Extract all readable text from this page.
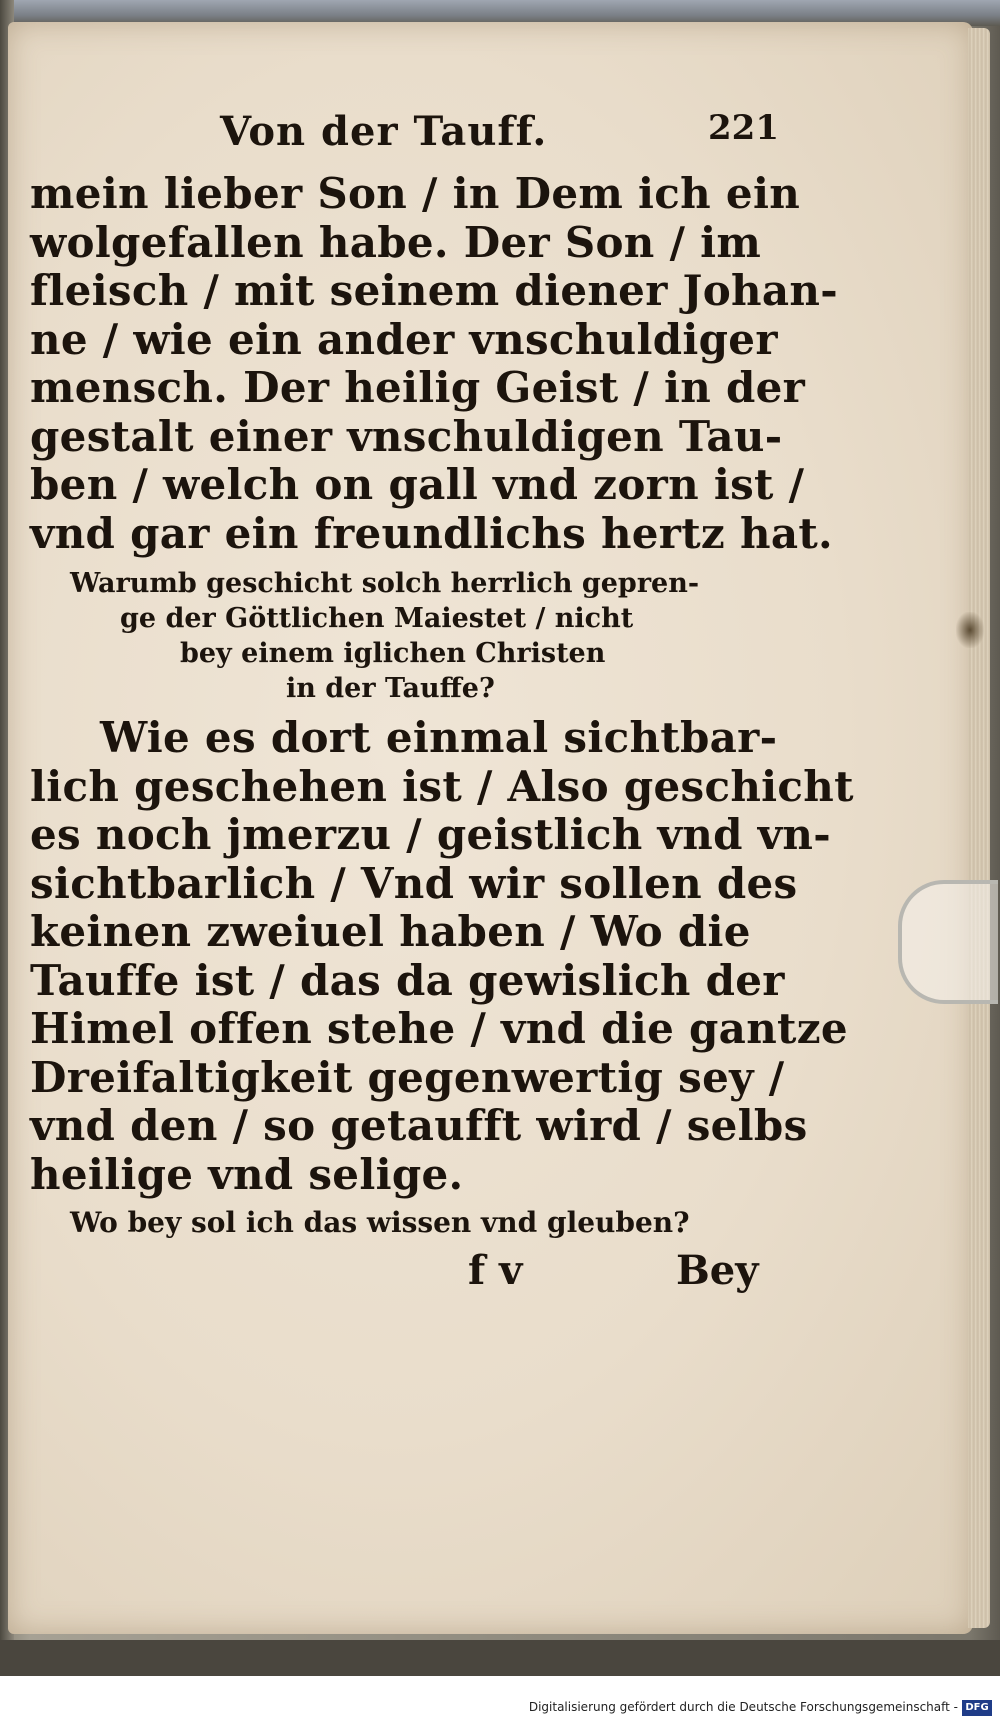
Von der Tauff.	221
mein lieber Son / in Dem ich ein
wolgefallen habe. Der Son / im
fleisch / mit seinem diener Johan-
ne / wie ein ander vnschuldiger
mensch. Der heilig Geist / in der
gestalt einer vnschuldigen Tau-
ben / welch on gall vnd zorn ist /
vnd gar ein freundlichs hertz hat.
Warumb geschicht solch herrlich gepren-
ge der Göttlichen Maiestet / nicht
bey einem iglichen Christen
in der Tauffe?
Wie es dort einmal sichtbar-
lich geschehen ist / Also geschicht
es noch jmerzu / geistlich vnd vn-
sichtbarlich / Vnd wir sollen des
keinen zweiuel haben / Wo die
Tauffe ist / das da gewislich der
Himel offen stehe / vnd die gantze
Dreifaltigkeit gegenwertig sey /
vnd den / so getaufft wird / selbs
heilige vnd selige.
Wo bey sol ich das wissen vnd gleuben?
f v	Bey
Digitalisierung gefördert durch die Deutsche Forschungsgemeinschaft - DFG
